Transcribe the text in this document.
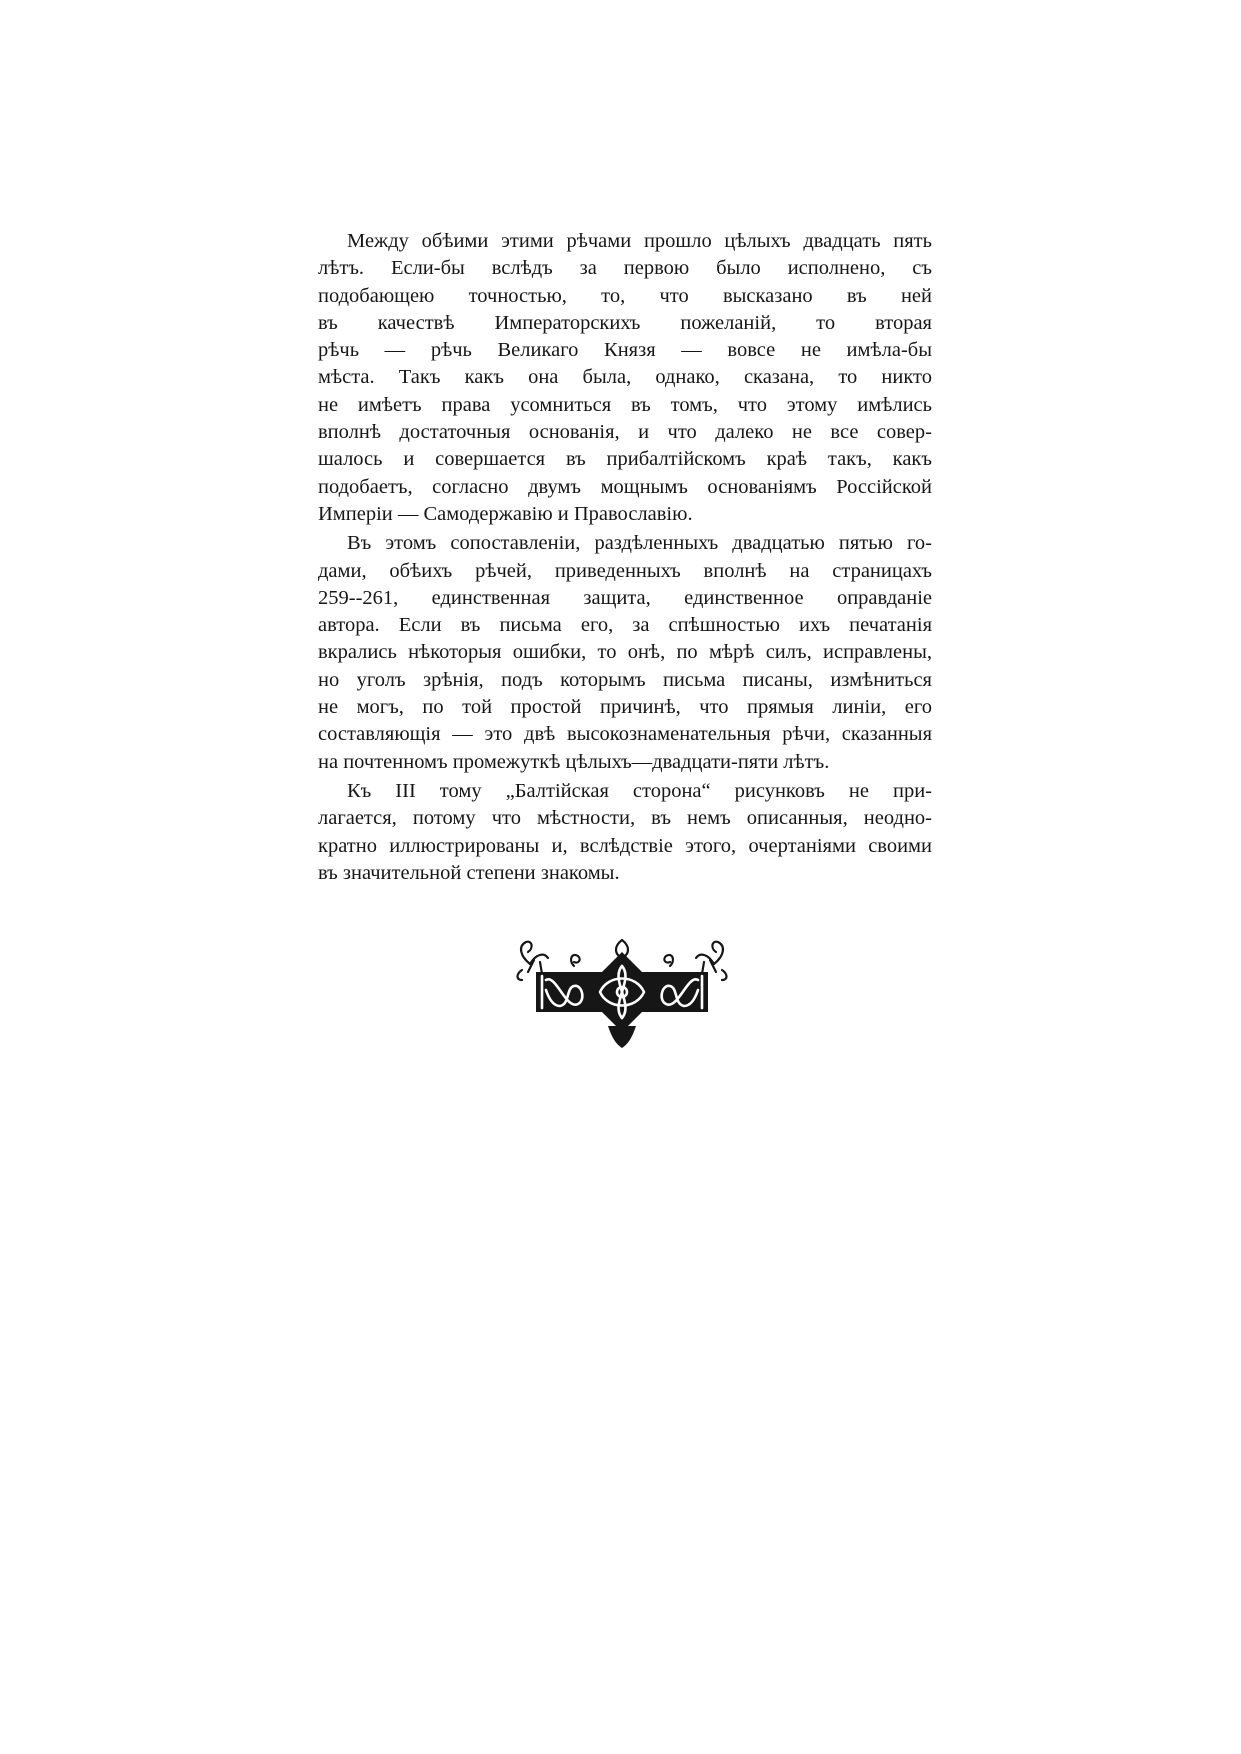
Между обѣими этими рѣчами прошло цѣлыхъ двадцать пять
лѣтъ. Если-бы вслѣдъ за первою было исполнено, съ
подобающею точностью, то, что высказано въ ней
въ качествѣ Императорскихъ пожеланій, то вторая
рѣчь — рѣчь Великаго Князя — вовсе не имѣла-бы
мѣста. Такъ какъ она была, однако, сказана, то никто
не имѣетъ права усомниться въ томъ, что этому имѣлись
вполнѣ достаточныя основанія, и что далеко не все совер-
шалось и совершается въ прибалтійскомъ краѣ такъ, какъ
подобаетъ, согласно двумъ мощнымъ основаніямъ Россійской
Имперіи — Самодержавію и Православію.

Въ этомъ сопоставленіи, раздѣленныхъ двадцатью пятью го-
дами, обѣихъ рѣчей, приведенныхъ вполнѣ на страницахъ
259--261, единственная защита, единственное оправданіе
автора. Если въ письма его, за спѣшностью ихъ печатанія
вкрались нѣкоторыя ошибки, то онѣ, по мѣрѣ силъ, исправлены,
но уголъ зрѣнія, подъ которымъ письма писаны, измѣниться
не могъ, по той простой причинѣ, что прямыя линіи, его
составляющія — это двѣ высокознаменательныя рѣчи, сказанныя
на почтенномъ промежуткѣ цѣлыхъ—двадцати-пяти лѣтъ.

Къ III тому „Балтійская сторона“ рисунковъ не при-
лагается, потому что мѣстности, въ немъ описанныя, неодно-
кратно иллюстрированы и, вслѣдствіе этого, очертаніями своими
въ значительной степени знакомы.
